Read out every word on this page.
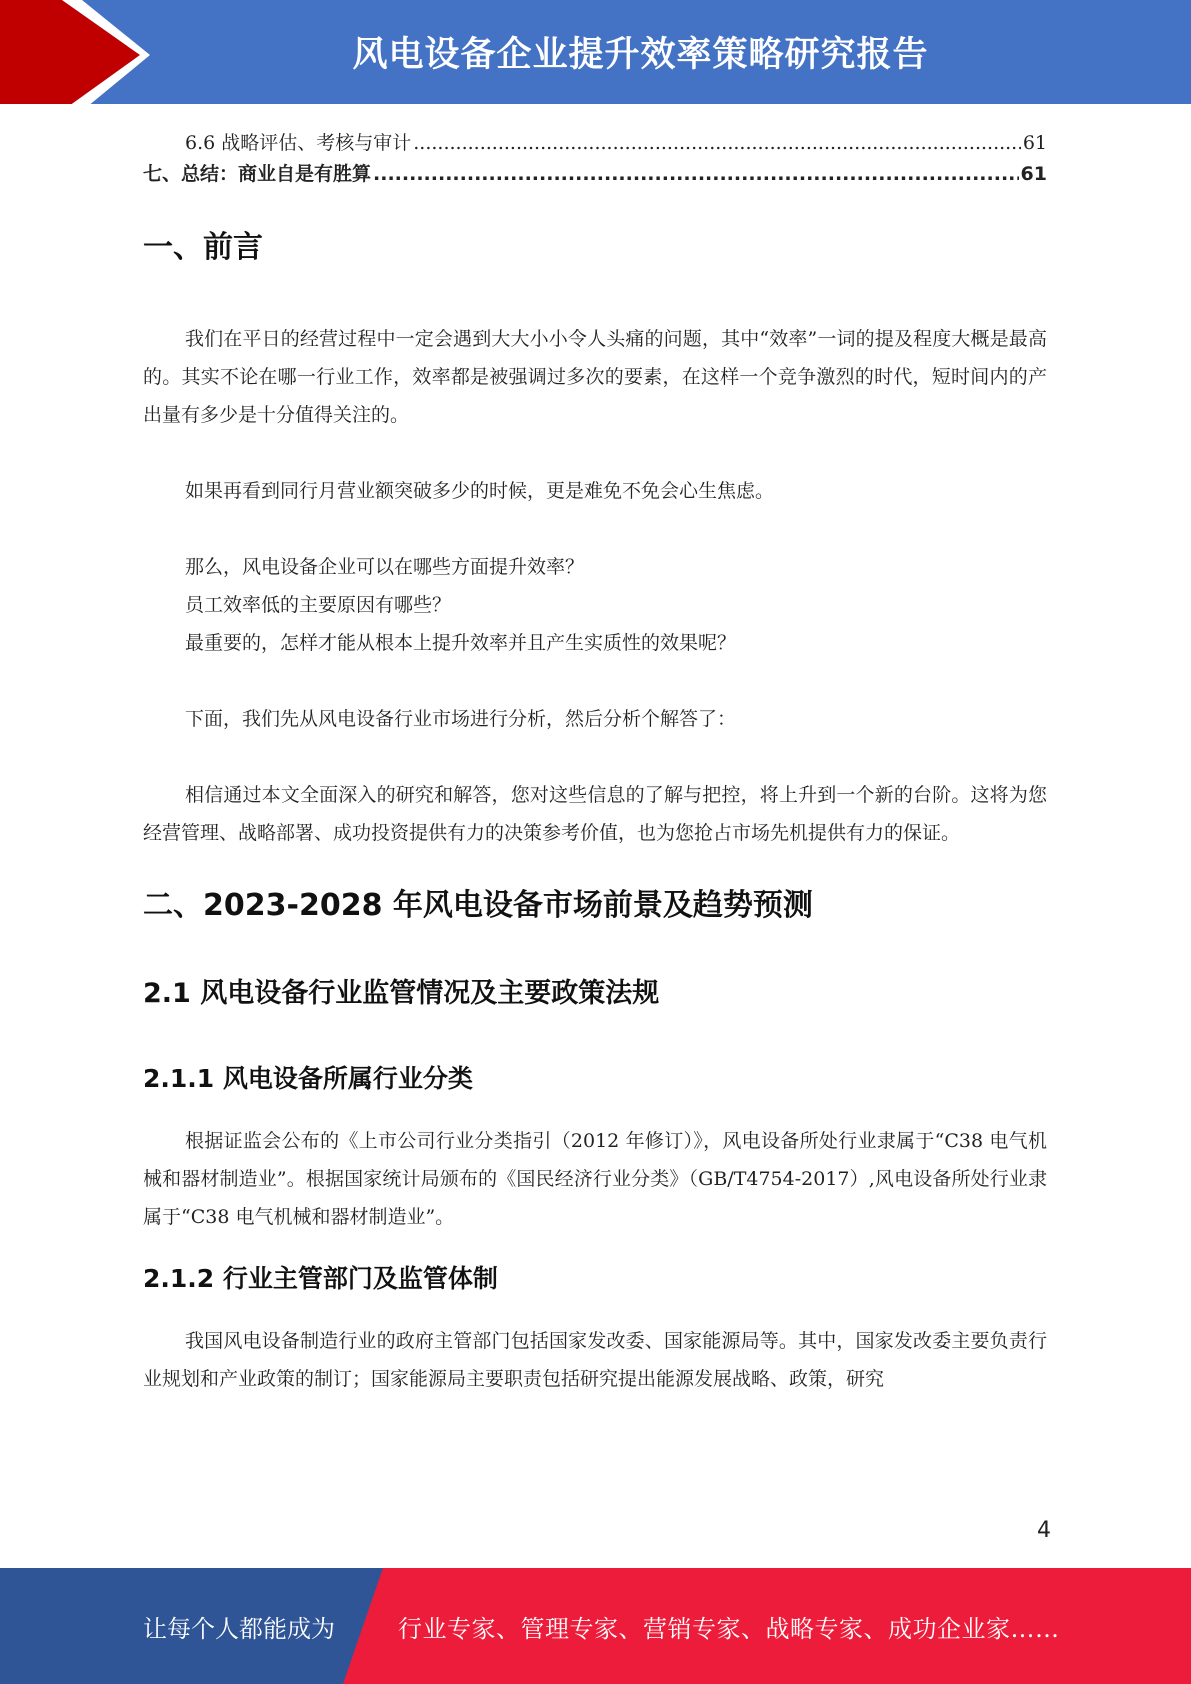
风电设备企业提升效率策略研究报告
6.6 战略评估、考核与审计 .....	61
七、总结：商业自是有胜算 .....	61
一、前言

我们在平日的经营过程中一定会遇到大大小小令人头痛的问题，其中“效率”一词的提及程度大概是最高的。其实不论在哪一行业工作，效率都是被强调过多次的要素，在这样一个竞争激烈的时代，短时间内的产出量有多少是十分值得关注的。

如果再看到同行月营业额突破多少的时候，更是难免不免会心生焦虑。

那么，风电设备企业可以在哪些方面提升效率？

员工效率低的主要原因有哪些？

最重要的，怎样才能从根本上提升效率并且产生实质性的效果呢？

下面，我们先从风电设备行业市场进行分析，然后分析个解答了：

相信通过本文全面深入的研究和解答，您对这些信息的了解与把控，将上升到一个新的台阶。这将为您经营管理、战略部署、成功投资提供有力的决策参考价值，也为您抢占市场先机提供有力的保证。

二、2023-2028 年风电设备市场前景及趋势预测
2.1 风电设备行业监管情况及主要政策法规
2.1.1 风电设备所属行业分类

根据证监会公布的《上市公司行业分类指引（2012 年修订）》，风电设备所处行业隶属于“C38 电气机械和器材制造业”。根据国家统计局颁布的《国民经济行业分类》（GB/T4754-2017）,风电设备所处行业隶属于“C38 电气机械和器材制造业”。

2.1.2 行业主管部门及监管体制

我国风电设备制造行业的政府主管部门包括国家发改委、国家能源局等。其中，国家发改委主要负责行业规划和产业政策的制订；国家能源局主要职责包括研究提出能源发展战略、政策，研究

4
让每个人都能成为	行业专家、管理专家、营销专家、战略专家、成功企业家……
